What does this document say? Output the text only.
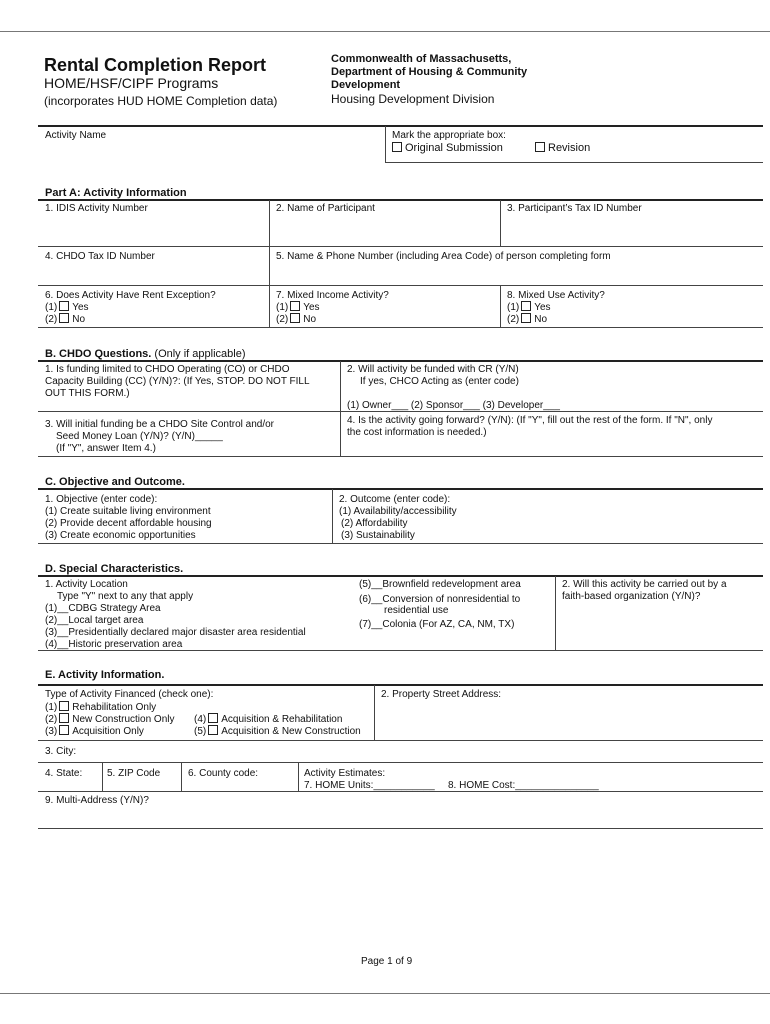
Rental Completion Report
HOME/HSF/CIPF Programs
(incorporates HUD HOME Completion data)
Commonwealth of Massachusetts,
Department of Housing & Community
Development
Housing Development Division
Activity Name	Mark the appropriate box:
Original Submission	Revision
Part A: Activity Information
1. IDIS Activity Number	2. Name of Participant	3. Participant’s Tax ID Number
4. CHDO Tax ID Number	5. Name & Phone Number (including Area Code) of person completing form
6. Does Activity Have Rent Exception?
(1) Yes
(2) No
7. Mixed Income Activity?
(1) Yes
(2) No
8. Mixed Use Activity?
(1) Yes
(2) No
B. CHDO Questions. (Only if applicable)
1. Is funding limited to CHDO Operating (CO) or CHDO
Capacity Building (CC) (Y/N)?: (If Yes, STOP. DO NOT FILL
OUT THIS FORM.)
2. Will activity be funded with CR (Y/N)
If yes, CHCO Acting as (enter code)
(1) Owner___ (2) Sponsor___ (3) Developer___
3. Will initial funding be a CHDO Site Control and/or
Seed Money Loan (Y/N)? (Y/N)_____
(If "Y", answer Item 4.)
4. Is the activity going forward? (Y/N): (If "Y", fill out the rest of the form. If "N", only
the cost information is needed.)
C. Objective and Outcome.
1. Objective (enter code):
(1) Create suitable living environment
(2) Provide decent affordable housing
(3) Create economic opportunities
2. Outcome (enter code):
(1) Availability/accessibility
(2) Affordability
(3) Sustainability
D. Special Characteristics.
1. Activity Location
Type "Y" next to any that apply
(1)__CDBG Strategy Area
(2)__Local target area
(3)__Presidentially declared major disaster area residential
(4)__Historic preservation area
(5)__Brownfield redevelopment area
(6)__Conversion of nonresidential to
residential use
(7)__Colonia (For AZ, CA, NM, TX)
2. Will this activity be carried out by a
faith-based organization (Y/N)?
E. Activity Information.
Type of Activity Financed (check one):
(1) Rehabilitation Only
(2) New Construction Only
(3) Acquisition Only
(4) Acquisition & Rehabilitation
(5) Acquisition & New Construction
2. Property Street Address:
3. City:
4. State: 5. ZIP Code	6. County code:	Activity Estimates:
7. HOME Units:___________ 8. HOME Cost:_______________
9. Multi-Address (Y/N)?
Page 1 of 9
